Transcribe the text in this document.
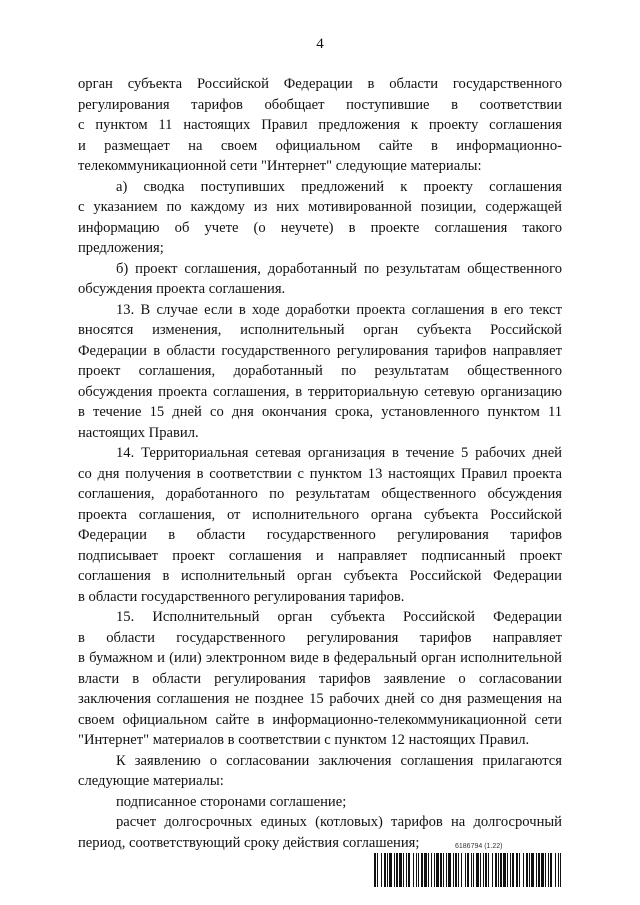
4
орган субъекта Российской Федерации в области государственного
регулирования тарифов обобщает поступившие в соответствии
с пунктом 11 настоящих Правил предложения к проекту соглашения
и размещает на своем официальном сайте в информационно-
телекоммуникационной сети "Интернет" следующие материалы:
а) сводка поступивших предложений к проекту соглашения
с указанием по каждому из них мотивированной позиции, содержащей
информацию об учете (о неучете) в проекте соглашения такого
предложения;
б) проект соглашения, доработанный по результатам общественного
обсуждения проекта соглашения.
13. В случае если в ходе доработки проекта соглашения в его текст
вносятся изменения, исполнительный орган субъекта Российской
Федерации в области государственного регулирования тарифов направляет
проект соглашения, доработанный по результатам общественного
обсуждения проекта соглашения, в территориальную сетевую организацию
в течение 15 дней со дня окончания срока, установленного пунктом 11
настоящих Правил.
14. Территориальная сетевая организация в течение 5 рабочих дней
со дня получения в соответствии с пунктом 13 настоящих Правил проекта
соглашения, доработанного по результатам общественного обсуждения
проекта соглашения, от исполнительного органа субъекта Российской
Федерации в области государственного регулирования тарифов
подписывает проект соглашения и направляет подписанный проект
соглашения в исполнительный орган субъекта Российской Федерации
в области государственного регулирования тарифов.
15. Исполнительный орган субъекта Российской Федерации
в области государственного регулирования тарифов направляет
в бумажном и (или) электронном виде в федеральный орган исполнительной
власти в области регулирования тарифов заявление о согласовании
заключения соглашения не позднее 15 рабочих дней со дня размещения на
своем официальном сайте в информационно-телекоммуникационной сети
"Интернет" материалов в соответствии с пунктом 12 настоящих Правил.
К заявлению о согласовании заключения соглашения прилагаются
следующие материалы:
подписанное сторонами соглашение;
расчет долгосрочных единых (котловых) тарифов на долгосрочный
период, соответствующий сроку действия соглашения;	6186794 (1.22)
